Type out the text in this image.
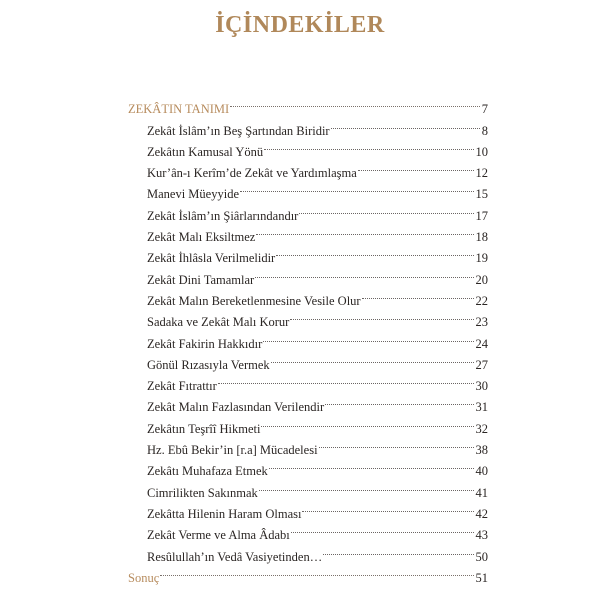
İÇİNDEKİLER
ZEKÂTIN TANIMI	7
Zekât İslâm’ın Beş Şartından Biridir	8
Zekâtın Kamusal Yönü	10
Kur’ân-ı Kerîm’de Zekât ve Yardımlaşma	12
Manevi Müeyyide	15
Zekât İslâm’ın Şiârlarındandır	17
Zekât Malı Eksiltmez	18
Zekât İhlâsla Verilmelidir	19
Zekât Dini Tamamlar	20
Zekât Malın Bereketlenmesine Vesile Olur	22
Sadaka ve Zekât Malı Korur	23
Zekât Fakirin Hakkıdır	24
Gönül Rızasıyla Vermek	27
Zekât Fıtrattır	30
Zekât Malın Fazlasından Verilendir	31
Zekâtın Teşrîî Hikmeti	32
Hz. Ebû Bekir’in [r.a] Mücadelesi	38
Zekâtı Muhafaza Etmek	40
Cimrilikten Sakınmak	41
Zekâtta Hilenin Haram Olması	42
Zekât Verme ve Alma Âdabı	43
Resûlullah’ın Vedâ Vasiyetinden…	50
Sonuç	51
